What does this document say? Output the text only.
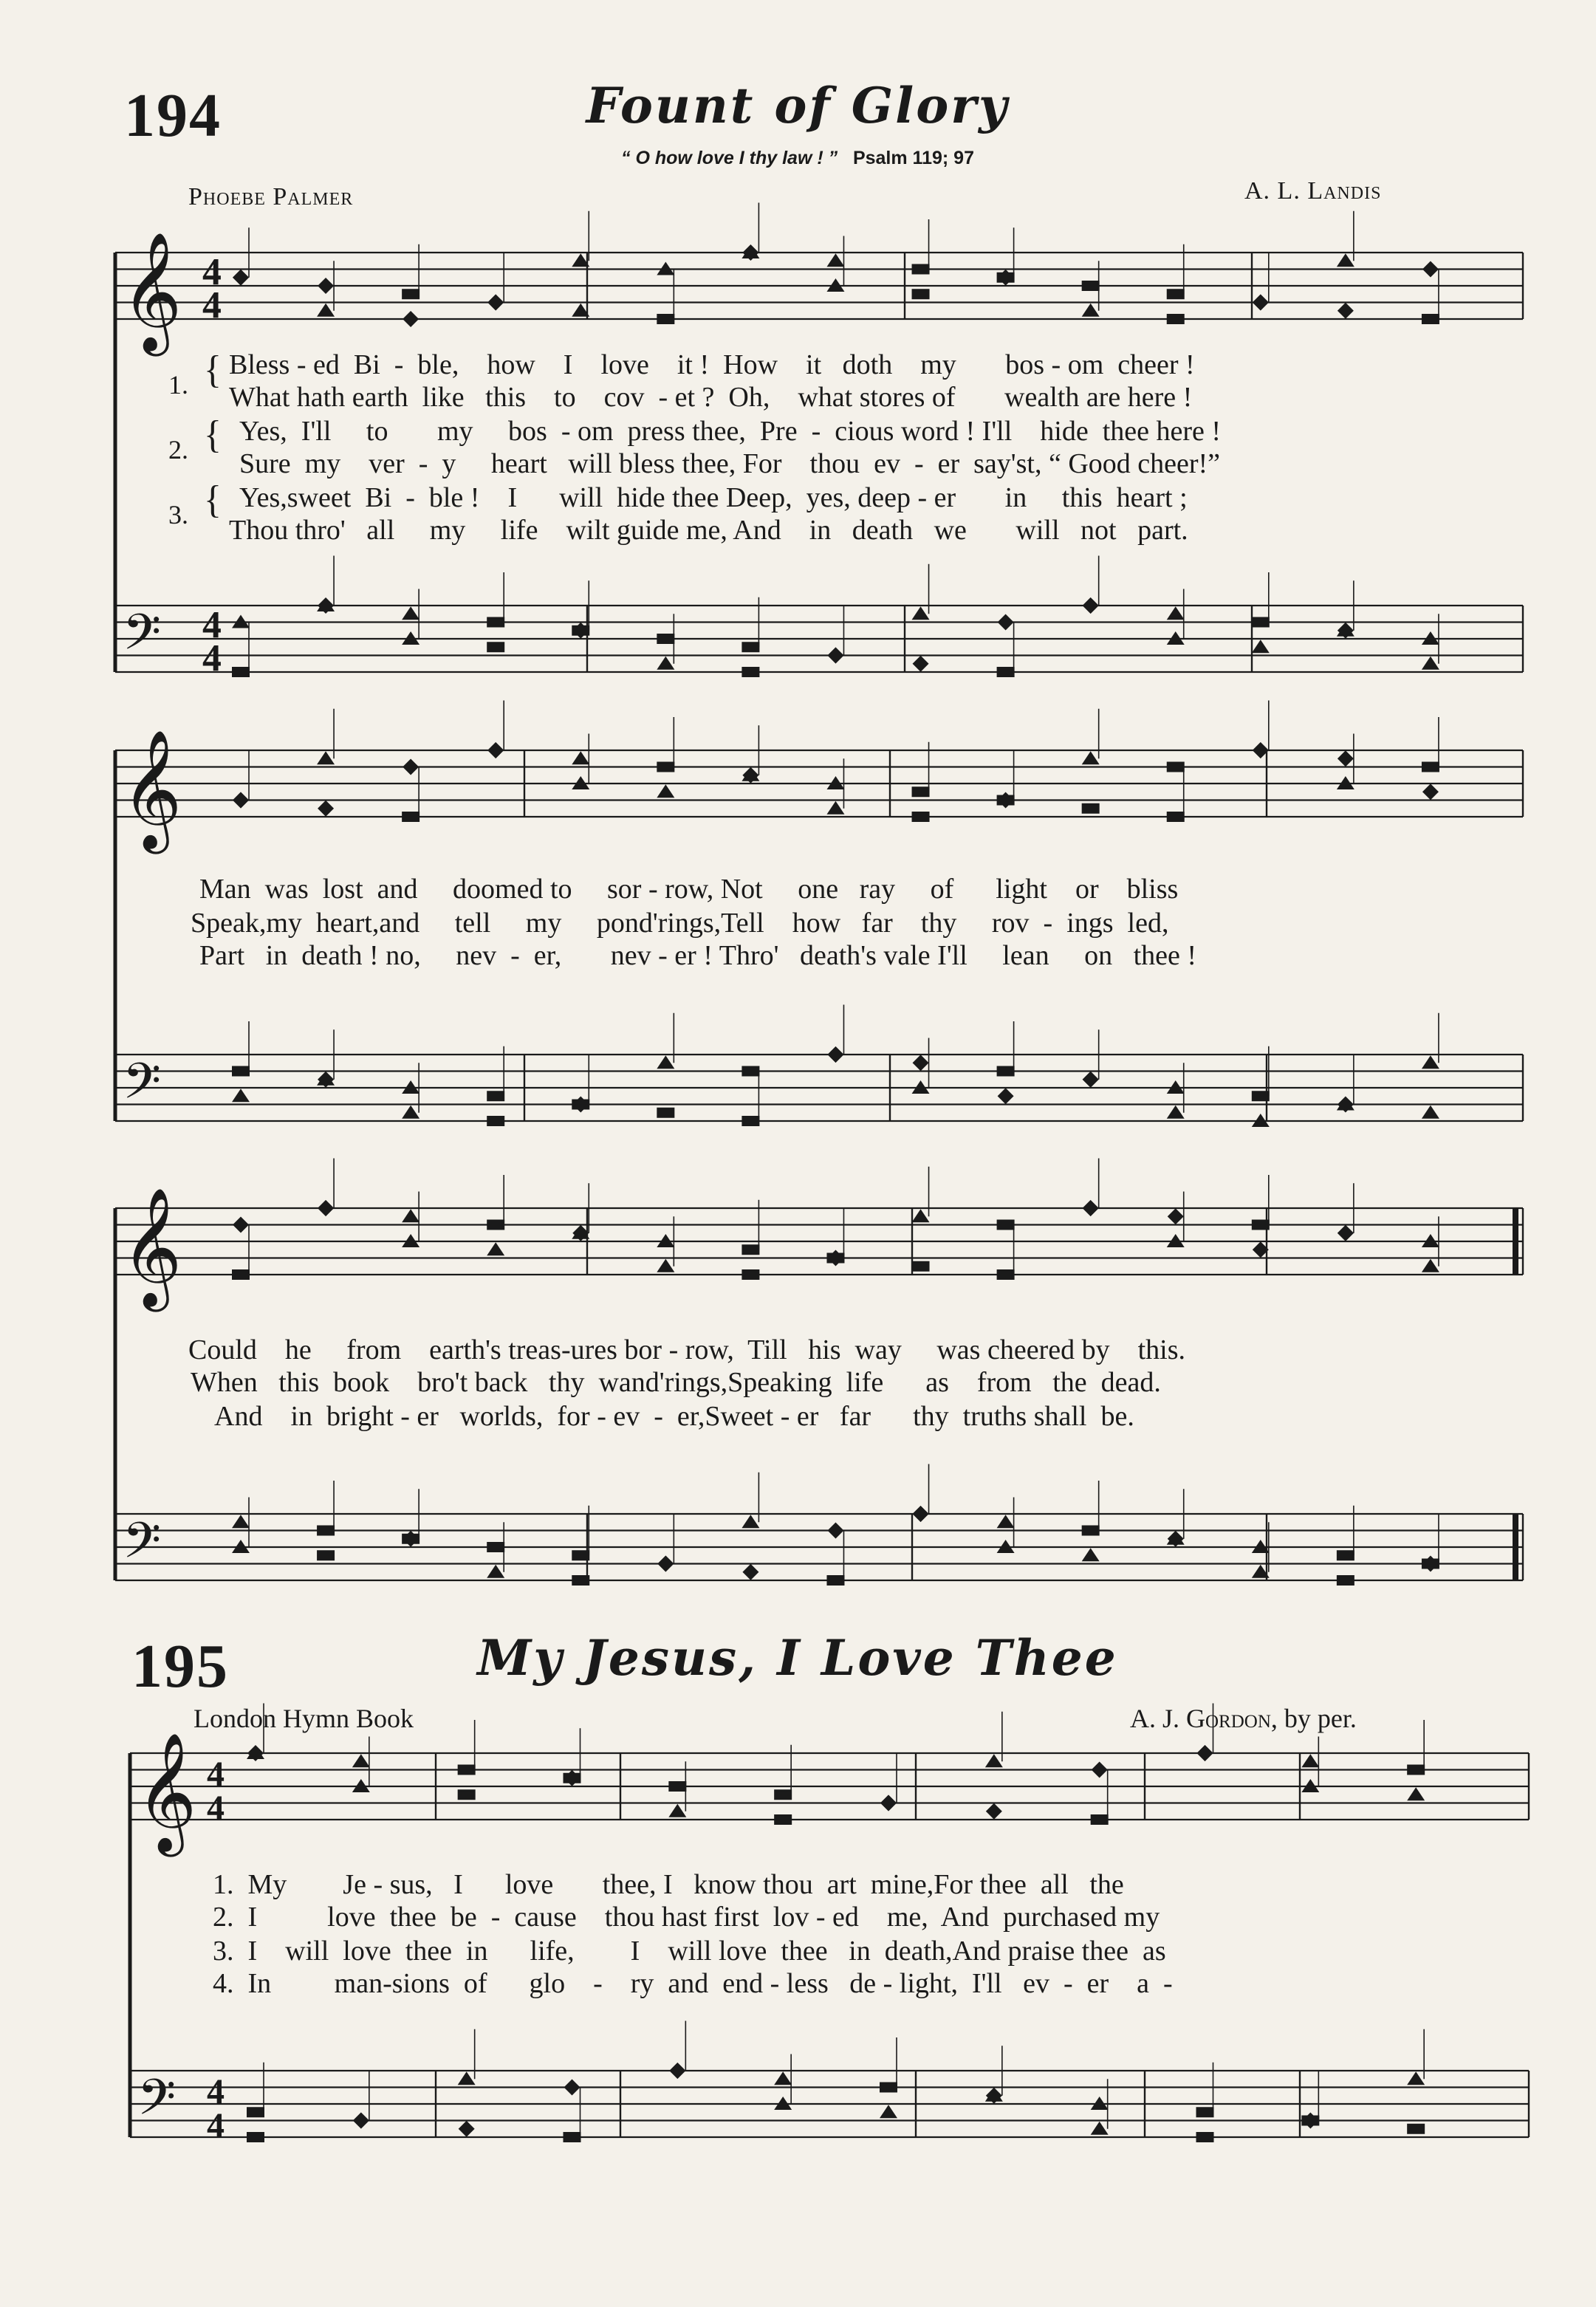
𝄞
𝄢
4
4
4
4
𝄞
𝄢
𝄞
𝄢
𝄞
𝄢
4
4
4
4
194	Fount of Glory
“ O how love I thy law ! ” Psalm 119; 97
Phoebe Palmer	A. L. Landis
1.
2.
3.
{
{
{
Bless - ed  Bi  -  ble,    how    I    love    it !  How    it   doth    my       bos - om  cheer !
What hath earth  like   this    to    cov  - et ?  Oh,    what stores of       wealth are here !
Yes,  I'll     to       my     bos  - om  press thee,  Pre  -  cious word ! I'll    hide  thee here !
Sure  my    ver  -  y     heart   will bless thee, For    thou  ev  -  er  say'st, “ Good cheer!”
Yes,sweet  Bi  -  ble !    I      will  hide thee Deep,  yes, deep - er       in     this  heart ;
Thou thro'   all     my     life    wilt guide me, And    in   death   we       will   not   part.
Man  was  lost  and     doomed to     sor - row, Not     one   ray     of      light    or    bliss
Speak,my  heart,and     tell     my     pond'rings,Tell    how   far    thy     rov  -  ings  led,
Part   in  death ! no,     nev  -  er,       nev - er ! Thro'   death's vale I'll     lean     on   thee !
Could    he     from    earth's treas-ures bor - row,  Till   his  way     was cheered by    this.
When   this  book    bro't back   thy  wand'rings,Speaking  life      as    from   the  dead.
And    in  bright - er   worlds,  for - ev  -  er,Sweet - er   far      thy  truths shall  be.
195	My Jesus, I Love Thee
London Hymn Book	A. J. Gordon, by per.
1.  My        Je - sus,   I      love       thee, I   know thou  art  mine,For thee  all   the
2.  I          love  thee  be  -  cause    thou hast first  lov - ed    me,  And  purchased my
3.  I    will  love  thee  in      life,        I    will love  thee   in  death,And praise thee  as
4.  In         man-sions  of      glo    -    ry  and  end - less   de - light,  I'll   ev  -  er    a  -
